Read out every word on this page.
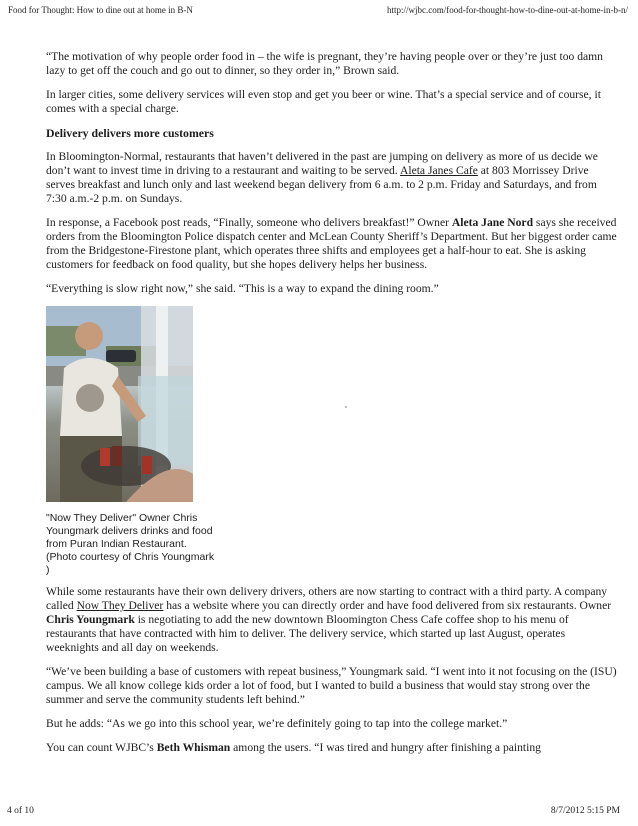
Food for Thought: How to dine out at home in B-N	http://wjbc.com/food-for-thought-how-to-dine-out-at-home-in-b-n/

“The motivation of why people order food in – the wife is pregnant, they’re having people over or they’re just too damn lazy to get off the couch and go out to dinner, so they order in,” Brown said.

In larger cities, some delivery services will even stop and get you beer or wine. That’s a special service and of course, it comes with a special charge.

Delivery delivers more customers

In Bloomington-Normal, restaurants that haven’t delivered in the past are jumping on delivery as more of us decide we don’t want to invest time in driving to a restaurant and waiting to be served. Aleta Janes Cafe at 803 Morrissey Drive serves breakfast and lunch only and last weekend began delivery from 6 a.m. to 2 p.m. Friday and Saturdays, and from 7:30 a.m.-2 p.m. on Sundays.

In response, a Facebook post reads, “Finally, someone who delivers breakfast!” Owner Aleta Jane Nord says she received orders from the Bloomington Police dispatch center and McLean County Sheriff’s Department. But her biggest order came from the Bridgestone-Firestone plant, which operates three shifts and employees get a half-hour to eat. She is asking customers for feedback on food quality, but she hopes delivery helps her business.

“Everything is slow right now,” she said. “This is a way to expand the dining room.”

"Now They Deliver" Owner Chris Youngmark delivers drinks and food from Puran Indian Restaurant. (Photo courtesy of Chris Youngmark )

While some restaurants have their own delivery drivers, others are now starting to contract with a third party. A company called Now They Deliver has a website where you can directly order and have food delivered from six restaurants. Owner Chris Youngmark is negotiating to add the new downtown Bloomington Chess Cafe coffee shop to his menu of restaurants that have contracted with him to deliver. The delivery service, which started up last August, operates weeknights and all day on weekends.

“We’ve been building a base of customers with repeat business,” Youngmark said. “I went into it not focusing on the (ISU) campus. We all know college kids order a lot of food, but I wanted to build a business that would stay strong over the summer and serve the community students left behind.”

But he adds: “As we go into this school year, we’re definitely going to tap into the college market.”

You can count WJBC’s Beth Whisman among the users. “I was tired and hungry after finishing a painting

4 of 10	8/7/2012 5:15 PM
